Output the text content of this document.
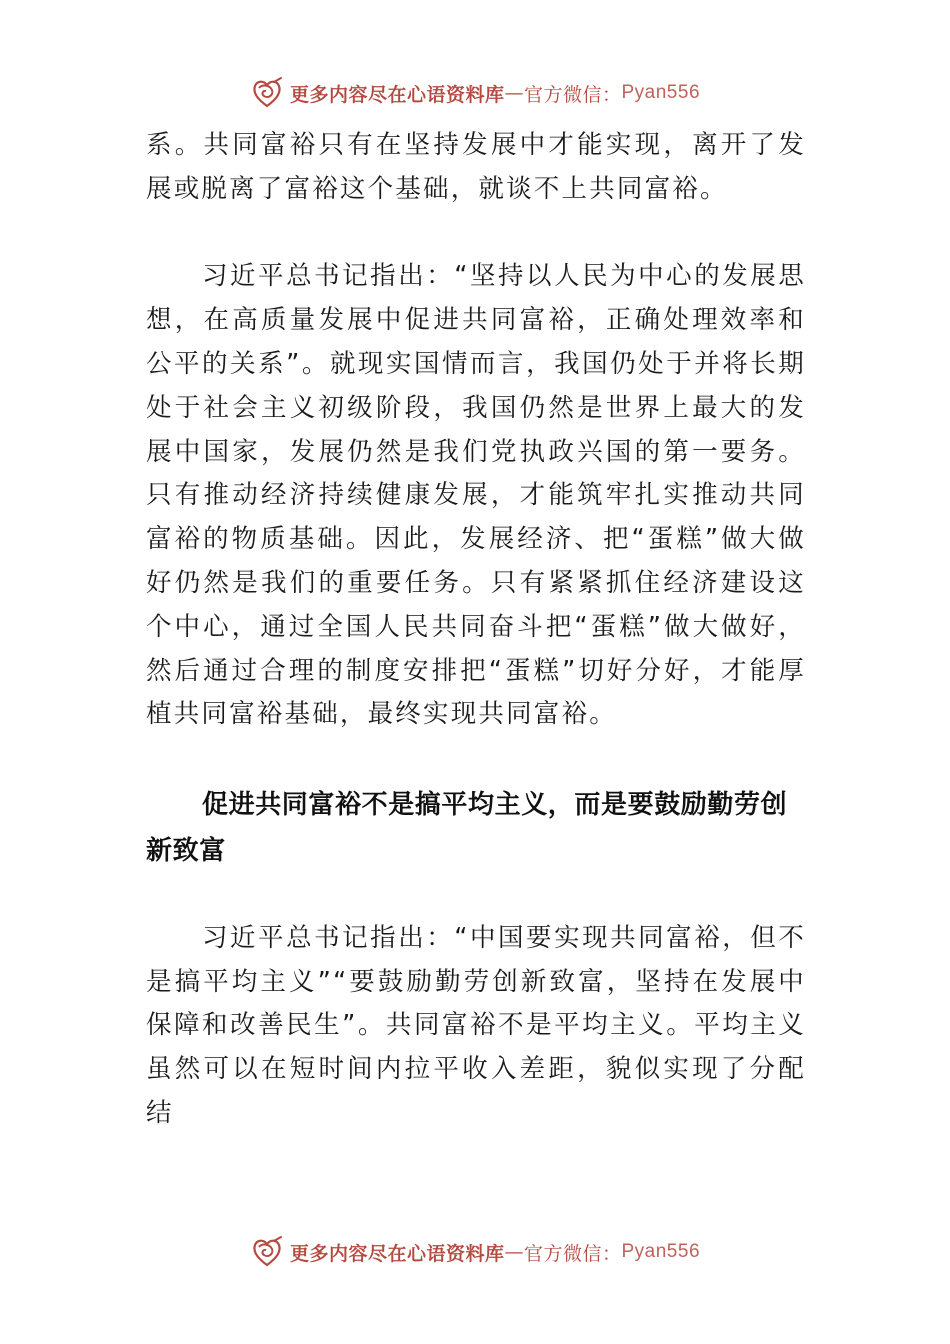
更多内容尽在心语资料库 — 官方微信： Pyan556

系。共同富裕只有在坚持发展中才能实现，离开了发展或脱离了富裕这个基础，就谈不上共同富裕。

习近平总书记指出：“坚持以人民为中心的发展思想，在高质量发展中促进共同富裕，正确处理效率和公平的关系”。就现实国情而言，我国仍处于并将长期处于社会主义初级阶段，我国仍然是世界上最大的发展中国家，发展仍然是我们党执政兴国的第一要务。只有推动经济持续健康发展，才能筑牢扎实推动共同富裕的物质基础。因此，发展经济、把“蛋糕”做大做好仍然是我们的重要任务。只有紧紧抓住经济建设这个中心，通过全国人民共同奋斗把“蛋糕”做大做好，然后通过合理的制度安排把“蛋糕”切好分好，才能厚植共同富裕基础，最终实现共同富裕。

促进共同富裕不是搞平均主义，而是要鼓励勤劳创新致富

习近平总书记指出：“中国要实现共同富裕，但不是搞平均主义”“要鼓励勤劳创新致富，坚持在发展中保障和改善民生”。共同富裕不是平均主义。平均主义虽然可以在短时间内拉平收入差距，貌似实现了分配结

更多内容尽在心语资料库 — 官方微信： Pyan556
